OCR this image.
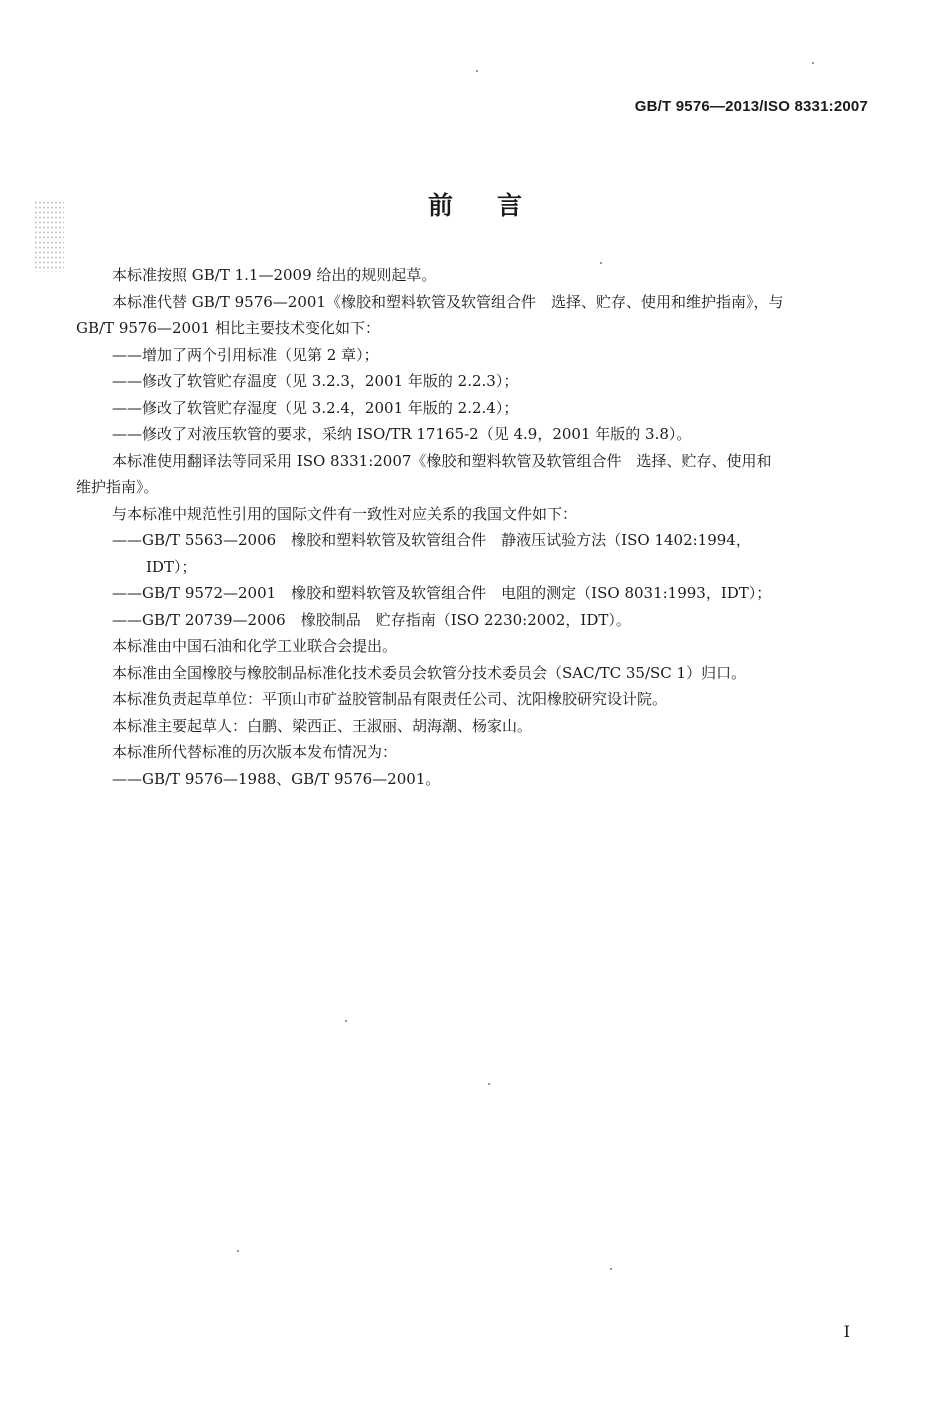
GB/T 9576—2013/ISO 8331:2007
前言

本标准按照 GB/T 1.1—2009 给出的规则起草。

本标准代替 GB/T 9576—2001《橡胶和塑料软管及软管组合件　选择、贮存、使用和维护指南》，与

GB/T 9576—2001 相比主要技术变化如下：

——增加了两个引用标准（见第 2 章）；

——修改了软管贮存温度（见 3.2.3，2001 年版的 2.2.3）；

——修改了软管贮存湿度（见 3.2.4，2001 年版的 2.2.4）；

——修改了对液压软管的要求，采纳 ISO/TR 17165-2（见 4.9，2001 年版的 3.8）。

本标准使用翻译法等同采用 ISO 8331:2007《橡胶和塑料软管及软管组合件　选择、贮存、使用和

维护指南》。

与本标准中规范性引用的国际文件有一致性对应关系的我国文件如下：

——GB/T 5563—2006　橡胶和塑料软管及软管组合件　静液压试验方法（ISO 1402:1994，

IDT）；

——GB/T 9572—2001　橡胶和塑料软管及软管组合件　电阻的测定（ISO 8031:1993，IDT）；

——GB/T 20739—2006　橡胶制品　贮存指南（ISO 2230:2002，IDT）。

本标准由中国石油和化学工业联合会提出。

本标准由全国橡胶与橡胶制品标准化技术委员会软管分技术委员会（SAC/TC 35/SC 1）归口。

本标准负责起草单位：平顶山市矿益胶管制品有限责任公司、沈阳橡胶研究设计院。

本标准主要起草人：白鹏、梁西正、王淑丽、胡海潮、杨家山。

本标准所代替标准的历次版本发布情况为：

——GB/T 9576—1988、GB/T 9576—2001。

I
